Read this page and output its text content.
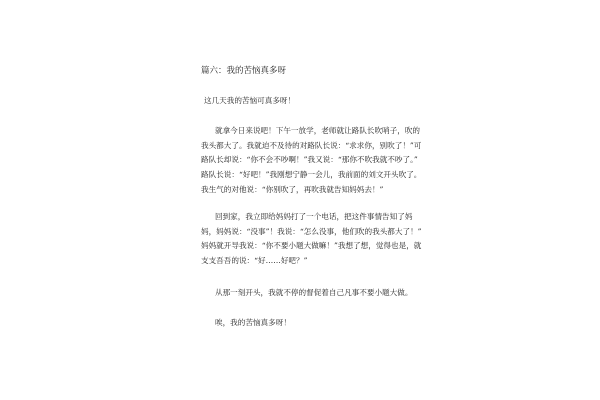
篇六：我的苦恼真多呀
这几天我的苦恼可真多呀！
就拿今日来说吧！下午一放学，老师就让路队长吹哨子，吹的
我头都大了。我就迫不及待的对路队长说：“求求你，别吹了！”可
路队长却说：“你不会不吵啊！”我又说：“那你不吹我就不吵了。”
路队长说：“好吧！”我刚想宁静一会儿，我前面的刘文开头吹了。
我生气的对他说：“你别吹了，再吹我就告知妈妈去！”
回到家，我立即给妈妈打了一个电话，把这件事情告知了妈
妈，妈妈说：“没事”！我说：“怎么没事，他们吹的我头都大了！”
妈妈就开导我说：“你不要小题大做嘛！”我想了想，觉得也是，就
支支吾吾的说：“好……好吧？”
从那一刻开头，我就不停的督促着自己凡事不要小题大做。
唉，我的苦恼真多呀！
